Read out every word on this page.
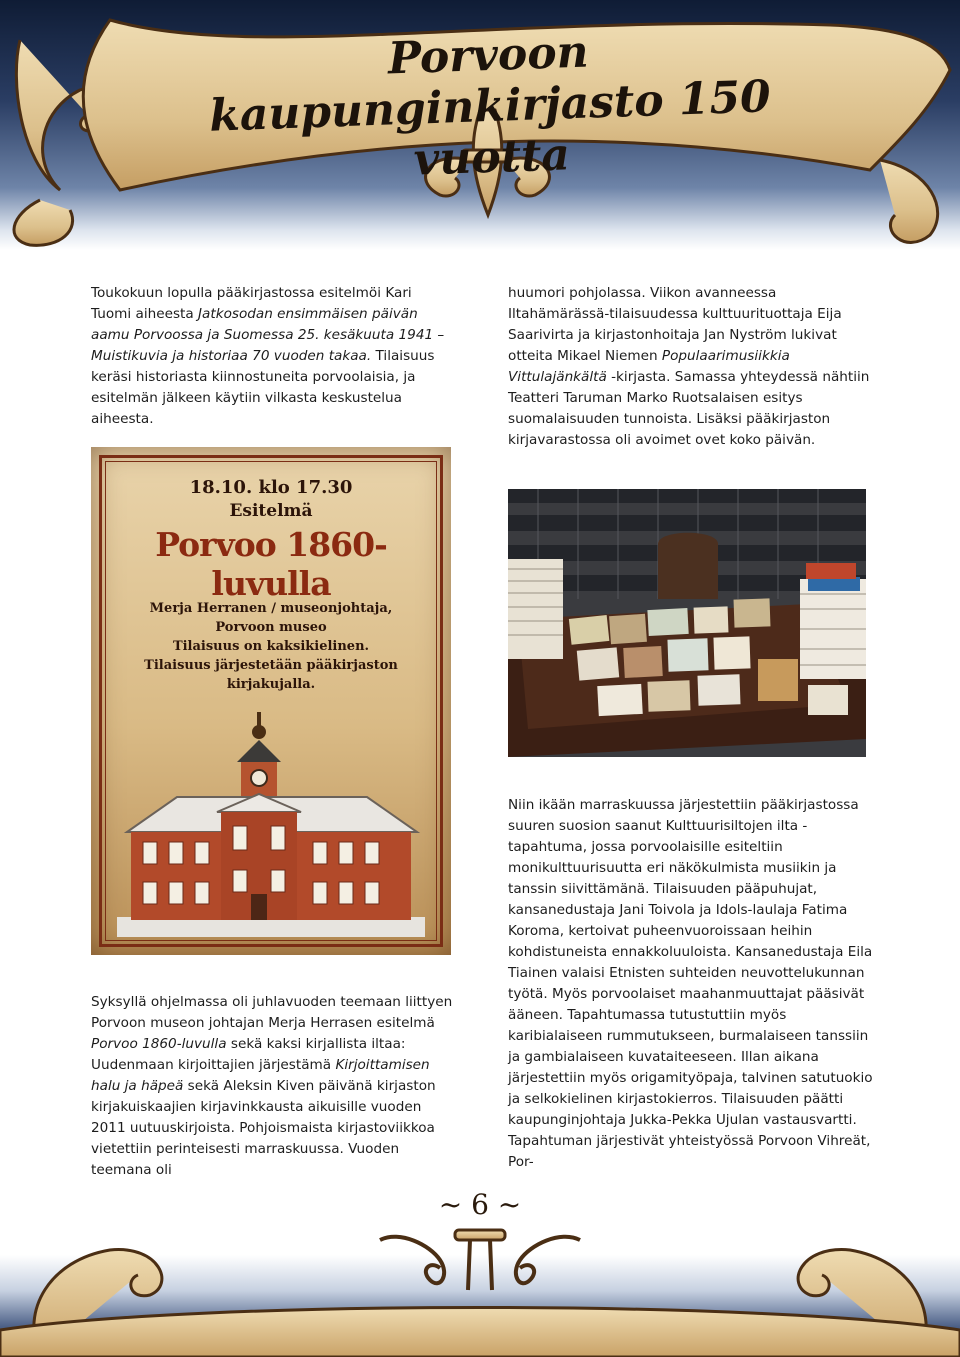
Porvoon kaupunginkirjasto 150 vuotta

Toukokuun lopulla pääkirjastossa esitelmöi Kari Tuomi aiheesta Jatkosodan ensimmäisen päivän aamu Porvoossa ja Suomessa 25. kesäkuuta 1941 – Muistikuvia ja historiaa 70 vuoden takaa. Tilaisuus keräsi historiasta kiinnostuneita porvoolaisia, ja esitelmän jälkeen käytiin vilkasta keskustelua aiheesta.

huumori pohjolassa. Viikon avanneessa Iltahämärässä-tilaisuudessa kulttuurituottaja Eija Saarivirta ja kirjastonhoitaja Jan Nyström lukivat otteita Mikael Niemen Populaarimusiikkia Vittulajänkältä -kirjasta. Samassa yhteydessä nähtiin Teatteri Taruman Marko Ruotsalaisen esitys suomalaisuuden tunnoista. Lisäksi pääkirjaston kirjavarastossa oli avoimet ovet koko päivän.

18.10. klo 17.30
Esitelmä
Porvoo 1860-luvulla
Merja Herranen / museonjohtaja,
Porvoon museo
Tilaisuus on kaksikielinen.
Tilaisuus järjestetään pääkirjaston kirjakujalla.

Syksyllä ohjelmassa oli juhlavuoden teemaan liittyen Porvoon museon johtajan Merja Herrasen esitelmä Porvoo 1860-luvulla sekä kaksi kirjallista iltaa: Uudenmaan kirjoittajien järjestämä Kirjoittamisen halu ja häpeä sekä Aleksin Kiven päivänä kirjaston kirjakuiskaajien kirjavinkkausta aikuisille vuoden 2011 uutuuskirjoista. Pohjoismaista kirjastoviikkoa vietettiin perinteisesti marraskuussa. Vuoden teemana oli

Niin ikään marraskuussa järjestettiin pääkirjastossa suuren suosion saanut Kulttuurisiltojen ilta -tapahtuma, jossa porvoolaisille esiteltiin monikulttuurisuutta eri näkökulmista musiikin ja tanssin siivittämänä. Tilaisuuden pääpuhujat, kansanedustaja Jani Toivola ja Idols-laulaja Fatima Koroma, kertoivat puheenvuoroissaan heihin kohdistuneista ennakkoluuloista. Kansanedustaja Eila Tiainen valaisi Etnisten suhteiden neuvottelukunnan työtä. Myös porvoolaiset maahanmuuttajat pääsivät ääneen. Tapahtumassa tutustuttiin myös karibialaiseen rummutukseen, burmalaiseen tanssiin ja gambialaiseen kuvataiteeseen. Illan aikana järjestettiin myös origamityöpaja, talvinen satutuokio ja selkokielinen kirjastokierros. Tilaisuuden päätti kaupunginjohtaja Jukka-Pekka Ujulan vastausvartti. Tapahtuman järjestivät yhteistyössä Porvoon Vihreät, Por-

~ 6 ~
